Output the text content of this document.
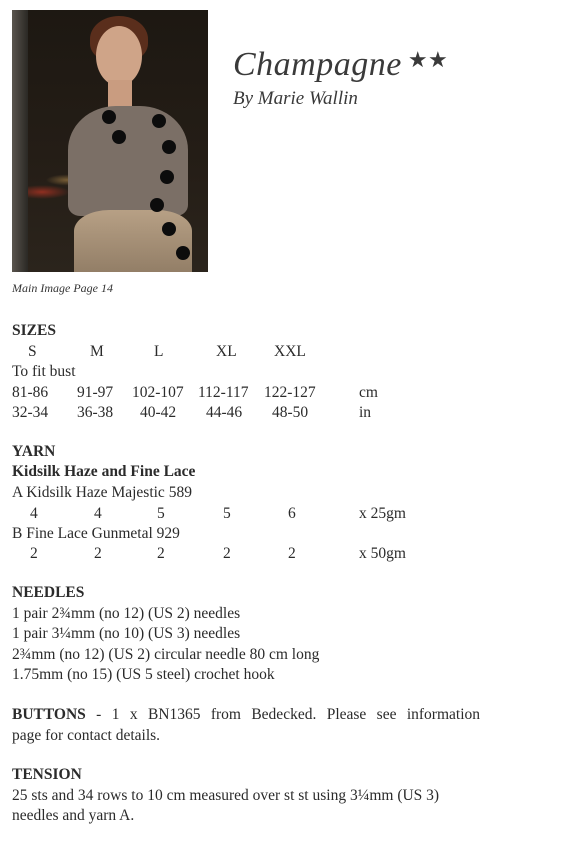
Champagne ★★
By Marie Wallin
Main Image Page 14
SIZES
S	M	L	XL XXL
To fit bust
81-86 91-97 102-107 112-117 122-127	cm
32-34 36-38 40-42 44-46 48-50	in
YARN
Kidsilk Haze and Fine Lace
A Kidsilk Haze Majestic 589
4	4	5	5	6	x 25gm
B Fine Lace Gunmetal 929
2	2	2	2	2	x 50gm
NEEDLES
1 pair 2¾mm (no 12) (US 2) needles
1 pair 3¼mm (no 10) (US 3) needles
2¾mm (no 12) (US 2) circular needle 80 cm long
1.75mm (no 15) (US 5 steel) crochet hook
BUTTONS - 1 x BN1365 from Bedecked. Please see information
page for contact details.
TENSION
25 sts and 34 rows to 10 cm measured over st st using 3¼mm (US 3)
needles and yarn A.
